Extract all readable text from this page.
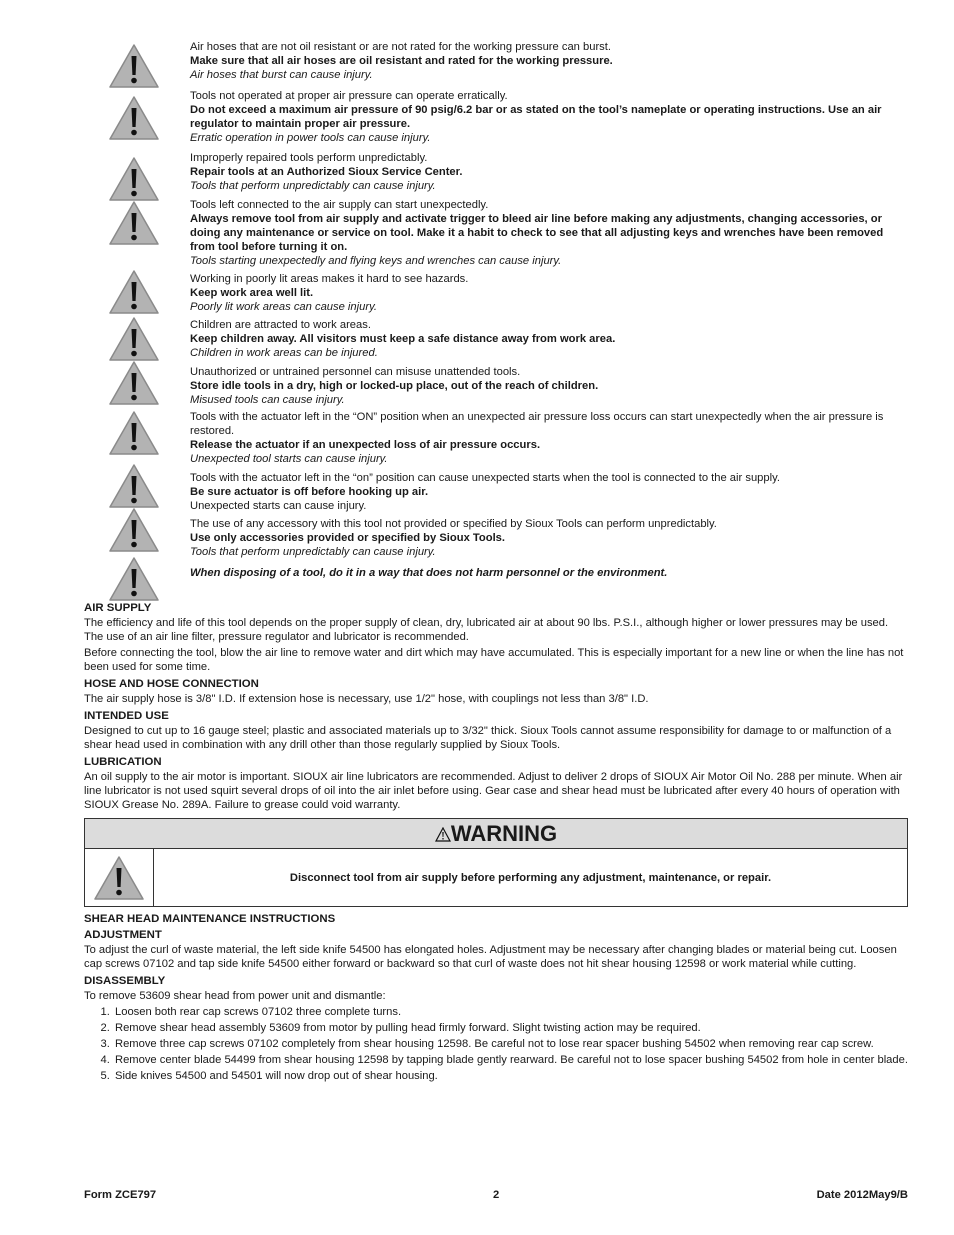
Air hoses that are not oil resistant or are not rated for the working pressure can burst.
Make sure that all air hoses are oil resistant and rated for the working pressure.
Air hoses that burst can cause injury.
Tools not operated at proper air pressure can operate erratically.
Do not exceed a maximum air pressure of 90 psig/6.2 bar or as stated on the tool’s nameplate or operating instructions. Use an air regulator to maintain proper air pressure.
Erratic operation in power tools can cause injury.
Improperly repaired tools perform unpredictably.
Repair tools at an Authorized Sioux Service Center.
Tools that perform unpredictably can cause injury.
Tools left connected to the air supply can start unexpectedly.
Always remove tool from air supply and activate trigger to bleed air line before making any adjustments, changing accessories, or doing any maintenance or service on tool. Make it a habit to check to see that all adjusting keys and wrenches have been removed from tool before turning it on.
Tools starting unexpectedly and flying keys and wrenches can cause injury.
Working in poorly lit areas makes it hard to see hazards.
Keep work area well lit.
Poorly lit work areas can cause injury.
Children are attracted to work areas.
Keep children away. All visitors must keep a safe distance away from work area.
Children in work areas can be injured.
Unauthorized or untrained personnel can misuse unattended tools.
Store idle tools in a dry, high or locked-up place, out of the reach of children.
Misused tools can cause injury.
Tools with the actuator left in the “ON” position when an unexpected air pressure loss occurs can start unexpectedly when the air pressure is restored.
Release the actuator if an unexpected loss of air pressure occurs.
Unexpected tool starts can cause injury.
Tools with the actuator left in the “on” position can cause unexpected starts when the tool is connected to the air supply.
Be sure actuator is off before hooking up air.
Unexpected starts can cause injury.
The use of any accessory with this tool not provided or specified by Sioux Tools can perform unpredictably.
Use only accessories provided or specified by Sioux Tools.
Tools that perform unpredictably can cause injury.
When disposing of a tool, do it in a way that does not harm personnel or the environment.
AIR SUPPLY

The efficiency and life of this tool depends on the proper supply of clean, dry, lubricated air at about 90 lbs. P.S.I., although higher or lower pressures may be used. The use of an air line filter, pressure regulator and lubricator is recommended.

Before connecting the tool, blow the air line to remove water and dirt which may have accumulated. This is especially important for a new line or when the line has not been used for some time.

HOSE AND HOSE CONNECTION

The air supply hose is 3/8" I.D. If extension hose is necessary, use 1/2" hose, with couplings not less than 3/8" I.D.

INTENDED USE

Designed to cut up to 16 gauge steel; plastic and associated materials up to 3/32" thick. Sioux Tools cannot assume responsibility for damage to or malfunction of a shear head used in combination with any drill other than those regularly supplied by Sioux Tools.

LUBRICATION

An oil supply to the air motor is important. SIOUX air line lubricators are recommended. Adjust to deliver 2 drops of SIOUX Air Motor Oil No. 288 per minute. When air line lubricator is not used squirt several drops of oil into the air inlet before using. Gear case and shear head must be lubricated after every 40 hours of operation with SIOUX Grease No. 289A. Failure to grease could void warranty.

WARNING
Disconnect tool from air supply before performing any adjustment, maintenance, or repair.
SHEAR HEAD MAINTENANCE INSTRUCTIONS
ADJUSTMENT

To adjust the curl of waste material, the left side knife 54500 has elongated holes. Adjustment may be necessary after changing blades or material being cut. Loosen cap screws 07102 and tap side knife 54500 either forward or backward so that curl of waste does not hit shear housing 12598 or work material while cutting.

DISASSEMBLY

To remove 53609 shear head from power unit and dismantle:

1. Loosen both rear cap screws 07102 three complete turns.
2. Remove shear head assembly 53609 from motor by pulling head firmly forward. Slight twisting action may be required.
3. Remove three cap screws 07102 completely from shear housing 12598. Be careful not to lose rear spacer bushing 54502 when removing rear cap screw.
4. Remove center blade 54499 from shear housing 12598 by tapping blade gently rearward. Be careful not to lose spacer bushing 54502 from hole in center blade.
5. Side knives 54500 and 54501 will now drop out of shear housing.
Form ZCE797	2	Date 2012May9/B
